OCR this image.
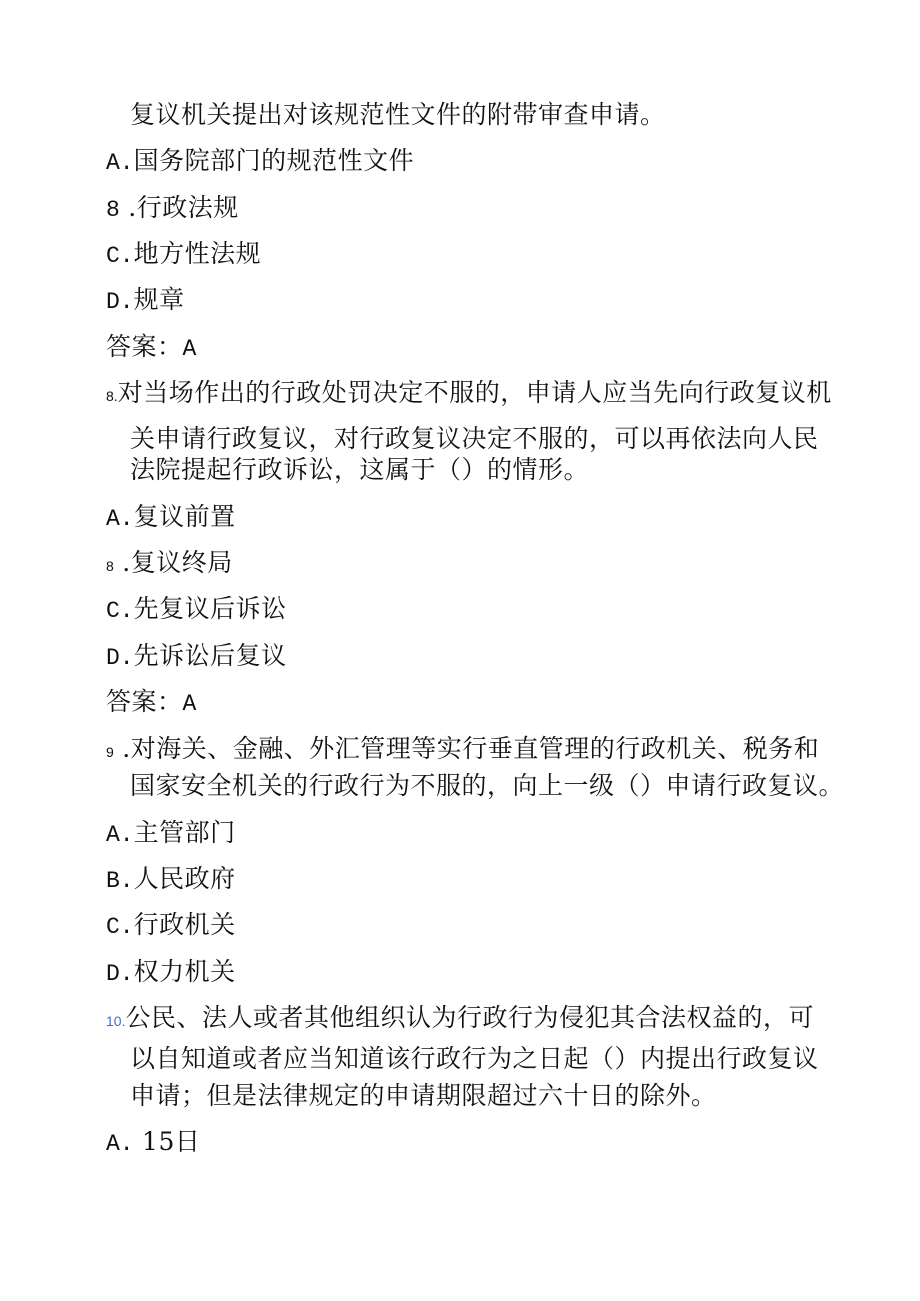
复议机关提出对该规范性文件的附带审查申请。
A.国务院部门的规范性文件
8 .行政法规
C.地方性法规
D.规章
答案：A
8.对当场作出的行政处罚决定不服的，申请人应当先向行政复议机
关申请行政复议，对行政复议决定不服的，可以再依法向人民
法院提起行政诉讼，这属于（）的情形。
A.复议前置
8 .复议终局
C.先复议后诉讼
D.先诉讼后复议
答案：A
9 .对海关、金融、外汇管理等实行垂直管理的行政机关、税务和
国家安全机关的行政行为不服的，向上一级（）申请行政复议。
A.主管部门
B.人民政府
C.行政机关
D.权力机关
10.公民、法人或者其他组织认为行政行为侵犯其合法权益的，可
以自知道或者应当知道该行政行为之日起（）内提出行政复议
申请；但是法律规定的申请期限超过六十日的除外。
A. 15日
